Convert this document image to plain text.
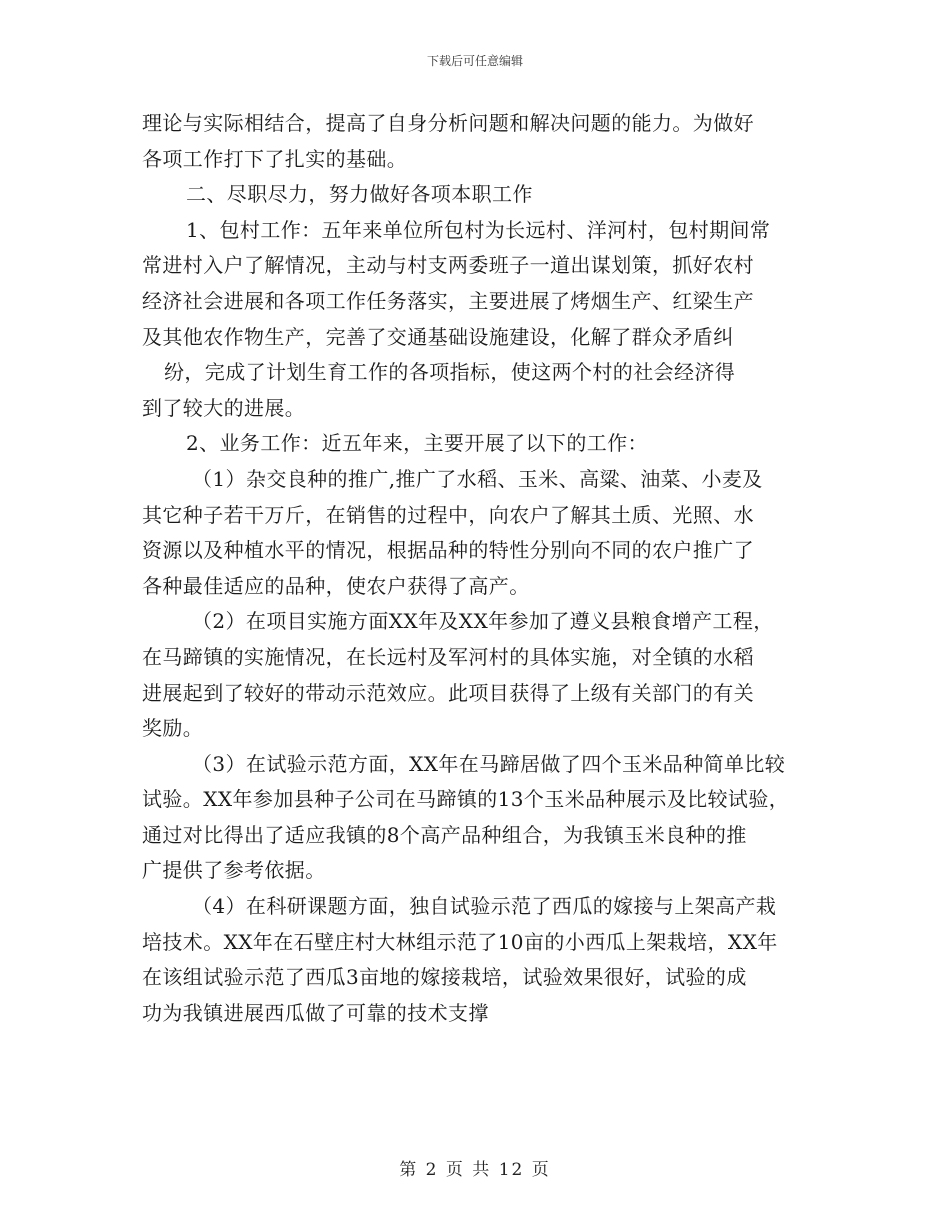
下载后可任意编辑
理论与实际相结合，提高了自身分析问题和解决问题的能力。为做好
各项工作打下了扎实的基础。
二、尽职尽力，努力做好各项本职工作
1、包村工作：五年来单位所包村为长远村、洋河村，包村期间常
常进村入户了解情况，主动与村支两委班子一道出谋划策，抓好农村
经济社会进展和各项工作任务落实，主要进展了烤烟生产、红梁生产
及其他农作物生产，完善了交通基础设施建设，化解了群众矛盾纠
纷，完成了计划生育工作的各项指标，使这两个村的社会经济得
到了较大的进展。
2、业务工作：近五年来，主要开展了以下的工作：
（1）杂交良种的推广,推广了水稻、玉米、高粱、油菜、小麦及
其它种子若干万斤，在销售的过程中，向农户了解其土质、光照、水
资源以及种植水平的情况，根据品种的特性分别向不同的农户推广了
各种最佳适应的品种，使农户获得了高产。
（2）在项目实施方面XX年及XX年参加了遵义县粮食增产工程，
在马蹄镇的实施情况，在长远村及军河村的具体实施，对全镇的水稻
进展起到了较好的带动示范效应。此项目获得了上级有关部门的有关
奖励。
（3）在试验示范方面，XX年在马蹄居做了四个玉米品种简单比较
试验。XX年参加县种子公司在马蹄镇的13个玉米品种展示及比较试验，
通过对比得出了适应我镇的8个高产品种组合，为我镇玉米良种的推
广提供了参考依据。
（4）在科研课题方面，独自试验示范了西瓜的嫁接与上架高产栽
培技术。XX年在石壁庄村大林组示范了10亩的小西瓜上架栽培，XX年
在该组试验示范了西瓜3亩地的嫁接栽培，试验效果很好，试验的成
功为我镇进展西瓜做了可靠的技术支撑
第 2 页 共 12 页
